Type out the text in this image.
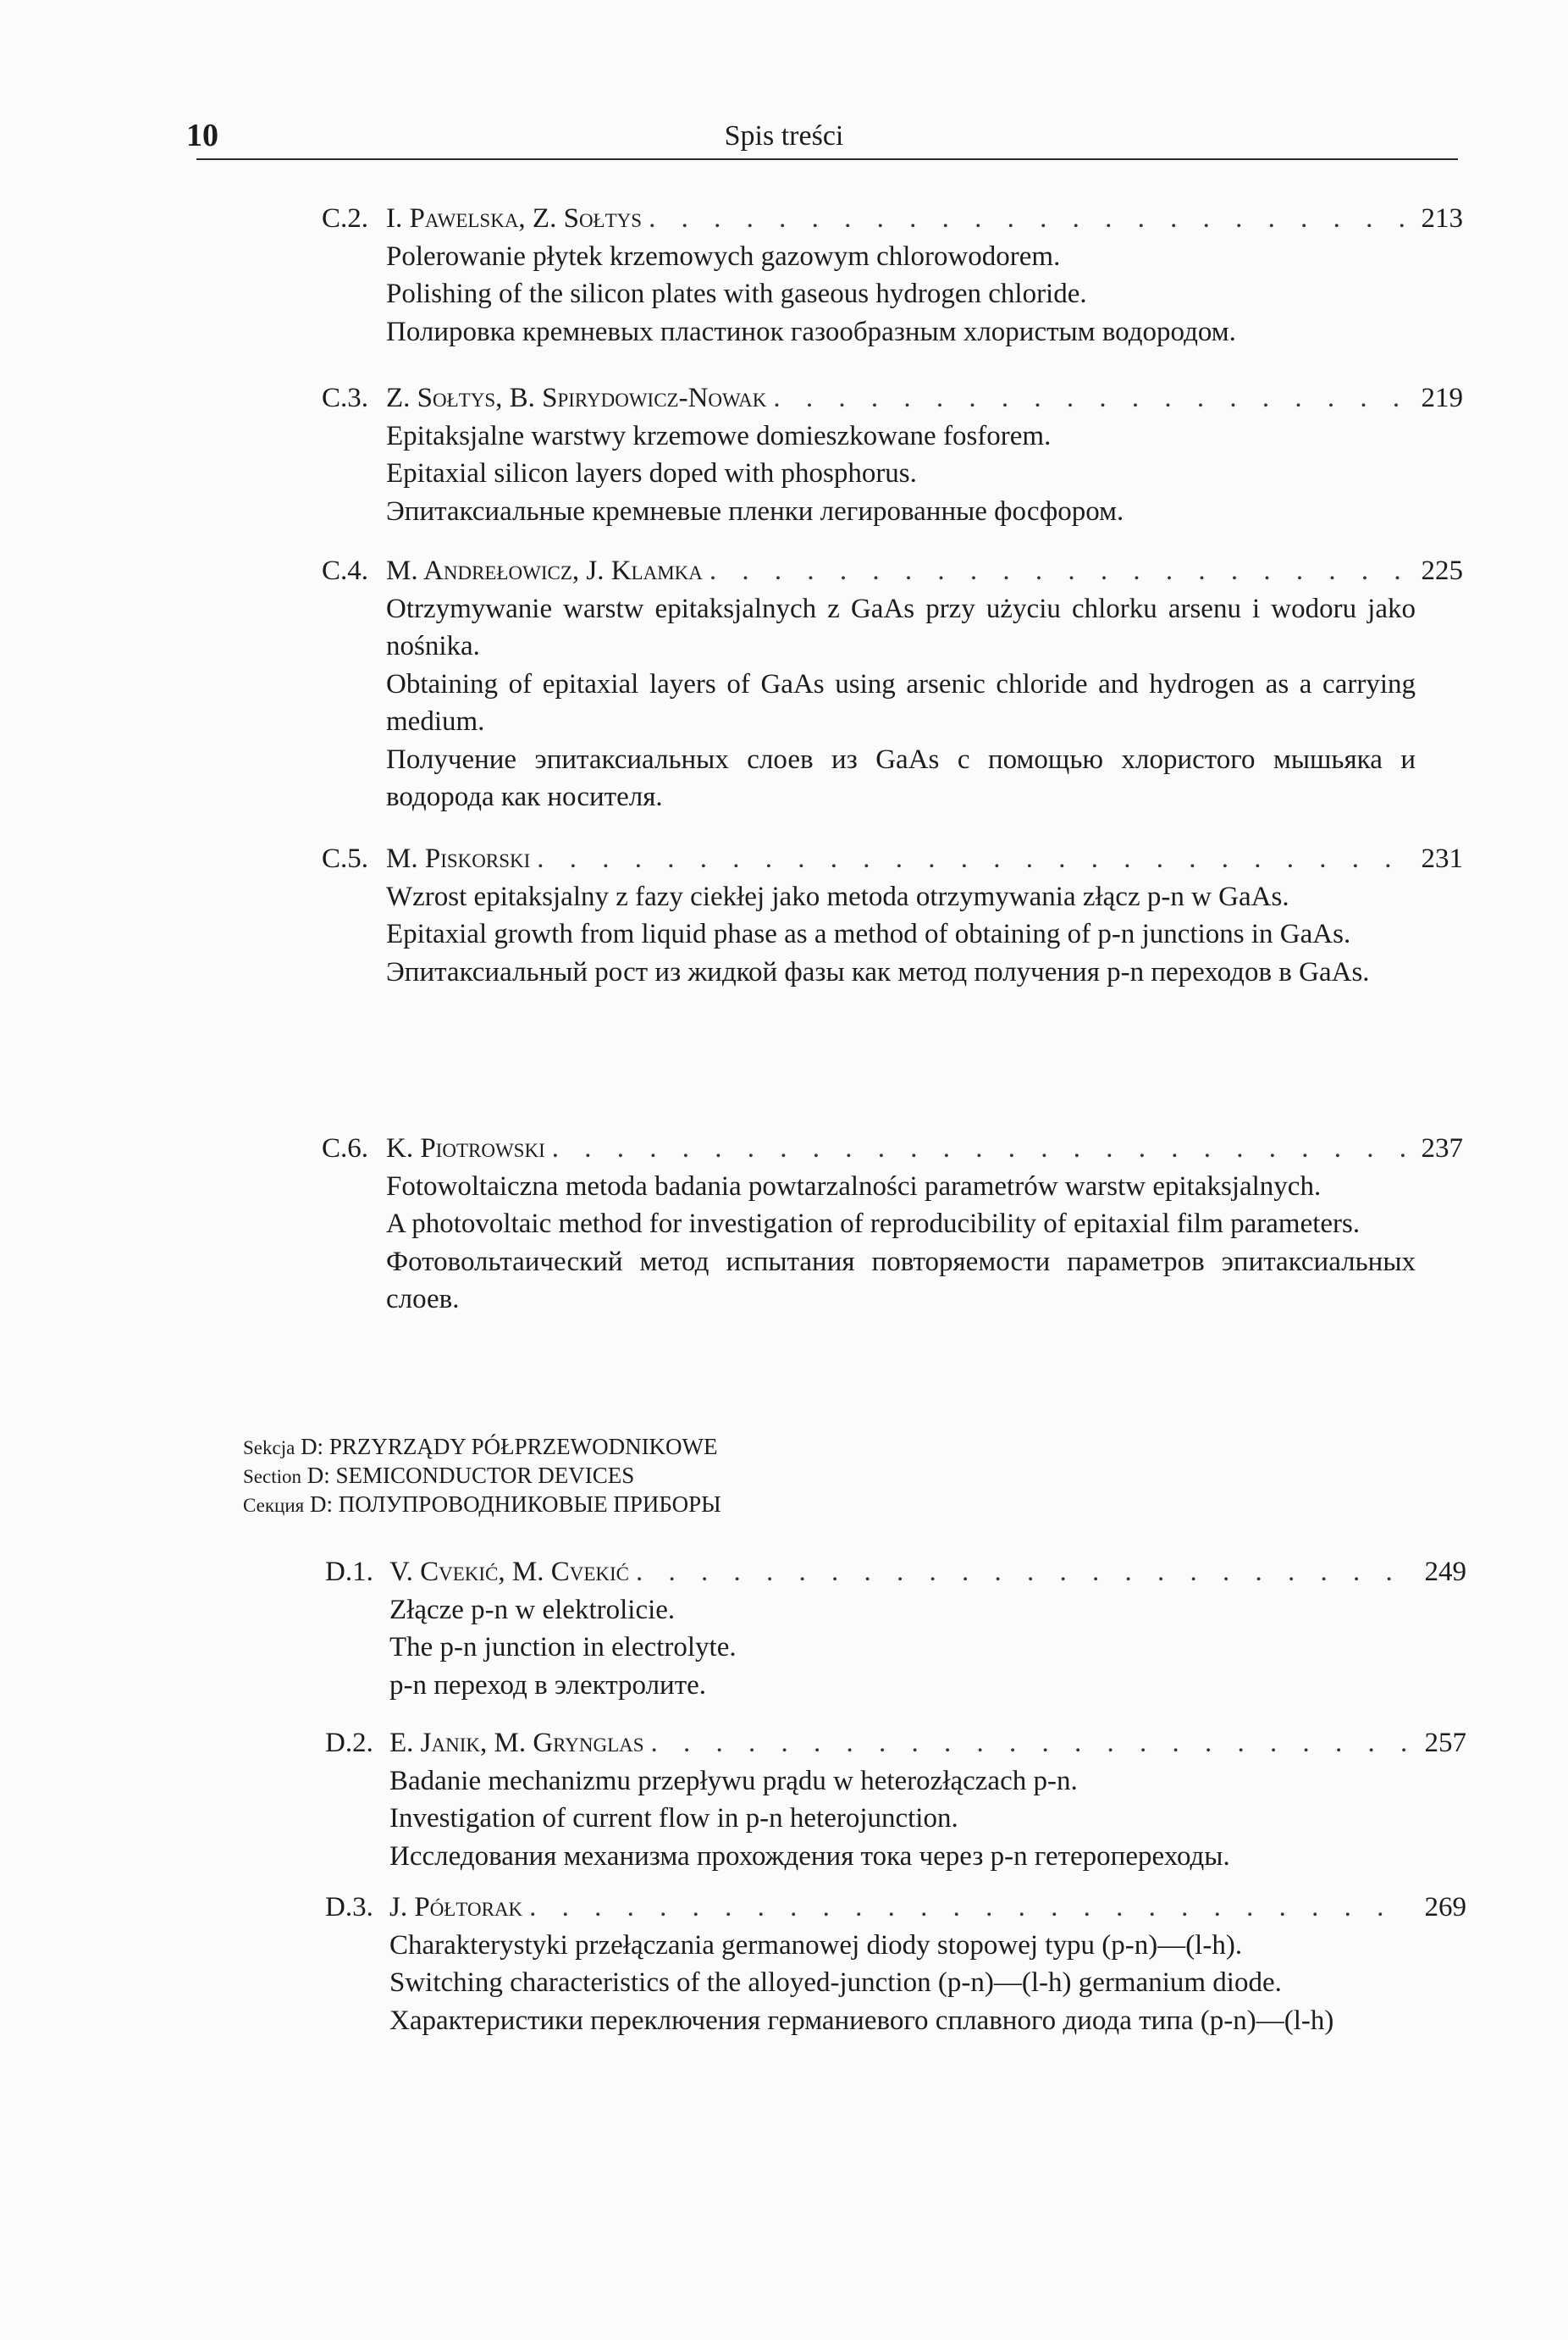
10	Spis treści
C.2. I. Pawelska, Z. Sołtys . . .	213

Polerowanie płytek krzemowych gazowym chlorowodorem.

Polishing of the silicon plates with gaseous hydrogen chloride.

Полировка кремневых пластинок газообразным хлористым водородом.

C.3. Z. Sołtys, B. Spirydowicz-Nowak . . .	219

Epitaksjalne warstwy krzemowe domieszkowane fosforem.

Epitaxial silicon layers doped with phosphorus.

Эпитаксиальные кремневые пленки легированные фосфором.

C.4. M. Andrełowicz, J. Klamka . . .	225

Otrzymywanie warstw epitaksjalnych z GaAs przy użyciu chlorku arsenu i wodoru jako nośnika.

Obtaining of epitaxial layers of GaAs using arsenic chloride and hydrogen as a carrying medium.

Получение эпитаксиальных слоев из GaAs с помощью хлористого мышьяка и водорода как носителя.

C.5. M. Piskorski . . .	231

Wzrost epitaksjalny z fazy ciekłej jako metoda otrzymywania złącz p-n w GaAs.

Epitaxial growth from liquid phase as a method of obtaining of p-n junctions in GaAs.

Эпитаксиальный рост из жидкой фазы как метод получения p-n переходов в GaAs.

C.6. K. Piotrowski . . .	237

Fotowoltaiczna metoda badania powtarzalności parametrów warstw epitaksjalnych.

A photovoltaic method for investigation of reproducibility of epitaxial film parameters.

Фотовольтаический метод испытания повторяемости параметров эпитаксиальных слоев.

Sekcja D: PRZYRZĄDY PÓŁPRZEWODNIKOWE
Section D: SEMICONDUCTOR DEVICES
Секция D: ПОЛУПРОВОДНИКОВЫЕ ПРИБОРЫ
D.1. V. Cvekić, M. Cvekić . . .	249

Złącze p-n w elektrolicie.

The p-n junction in electrolyte.

p-n переход в электролите.

D.2. E. Janik, M. Grynglas . . .	257

Badanie mechanizmu przepływu prądu w heterozłączach p-n.

Investigation of current flow in p-n heterojunction.

Исследования механизма прохождения тока через p-n гетеропереходы.

D.3. J. Półtorak . . .	269

Charakterystyki przełączania germanowej diody stopowej typu (p-n)—(l-h).

Switching characteristics of the alloyed-junction (p-n)—(l-h) germanium diode.

Характеристики переключения германиевого сплавного диода типа (p-n)—(l-h)
